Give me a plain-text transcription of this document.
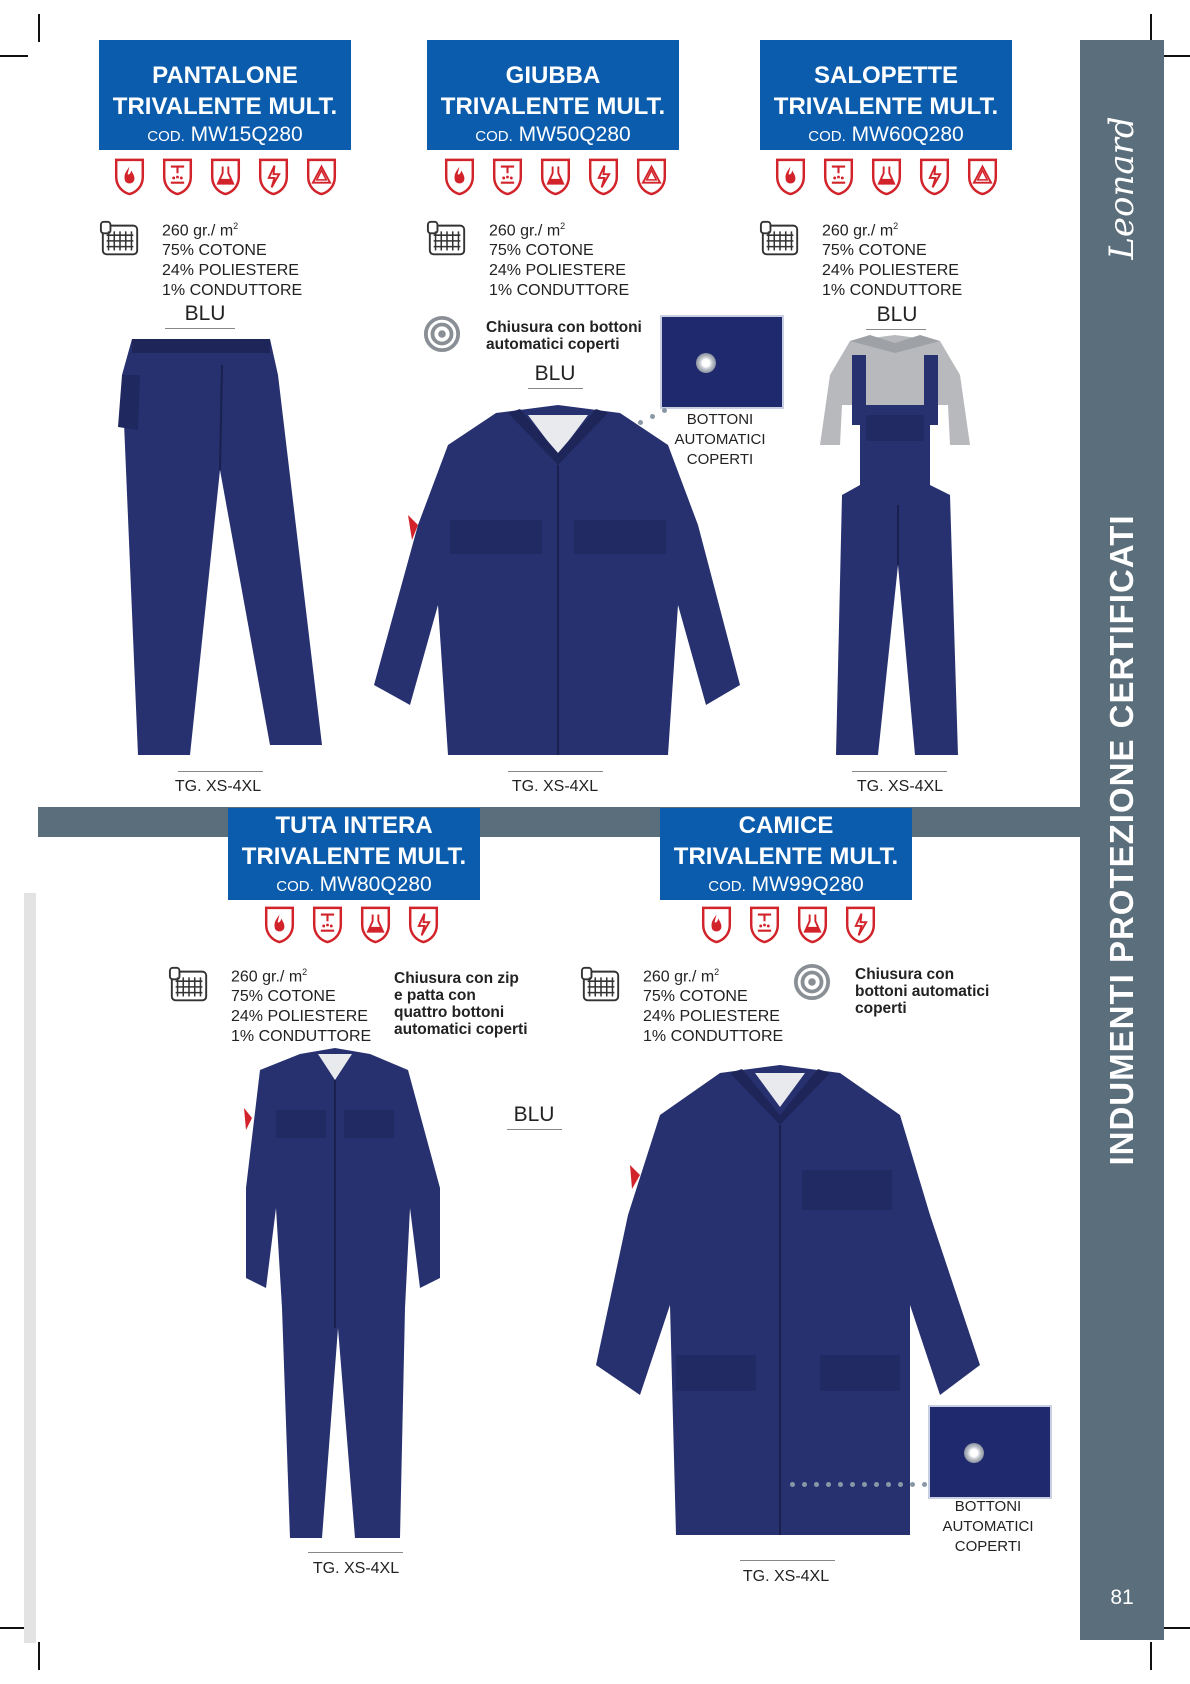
Leonard
INDUMENTI PROTEZIONE CERTIFICATI
81
PANTALONE
TRIVALENTE MULT.
COD. MW15Q280
260 gr./ $m^2$
75% COTONE
24% POLIESTERE
1% CONDUTTORE
BLU
TG. XS-4XL
GIUBBA
TRIVALENTE MULT.
COD. MW50Q280
260 gr./ $m^2$
75% COTONE
24% POLIESTERE
1% CONDUTTORE
Chiusura con bottoni automatici coperti
BLU
BOTTONI
AUTOMATICI
COPERTI
TG. XS-4XL
SALOPETTE
TRIVALENTE MULT.
COD. MW60Q280
260 gr./ $m^2$
75% COTONE
24% POLIESTERE
1% CONDUTTORE
BLU
TG. XS-4XL
TUTA INTERA
TRIVALENTE MULT.
COD. MW80Q280
260 gr./ $m^2$
75% COTONE
24% POLIESTERE
1% CONDUTTORE
Chiusura con zip e patta con quattro bottoni automatici coperti
BLU
TG. XS-4XL
CAMICE
TRIVALENTE MULT.
COD. MW99Q280
260 gr./ $m^2$
75% COTONE
24% POLIESTERE
1% CONDUTTORE
Chiusura con bottoni automatici coperti
BOTTONI
AUTOMATICI
COPERTI
TG. XS-4XL
